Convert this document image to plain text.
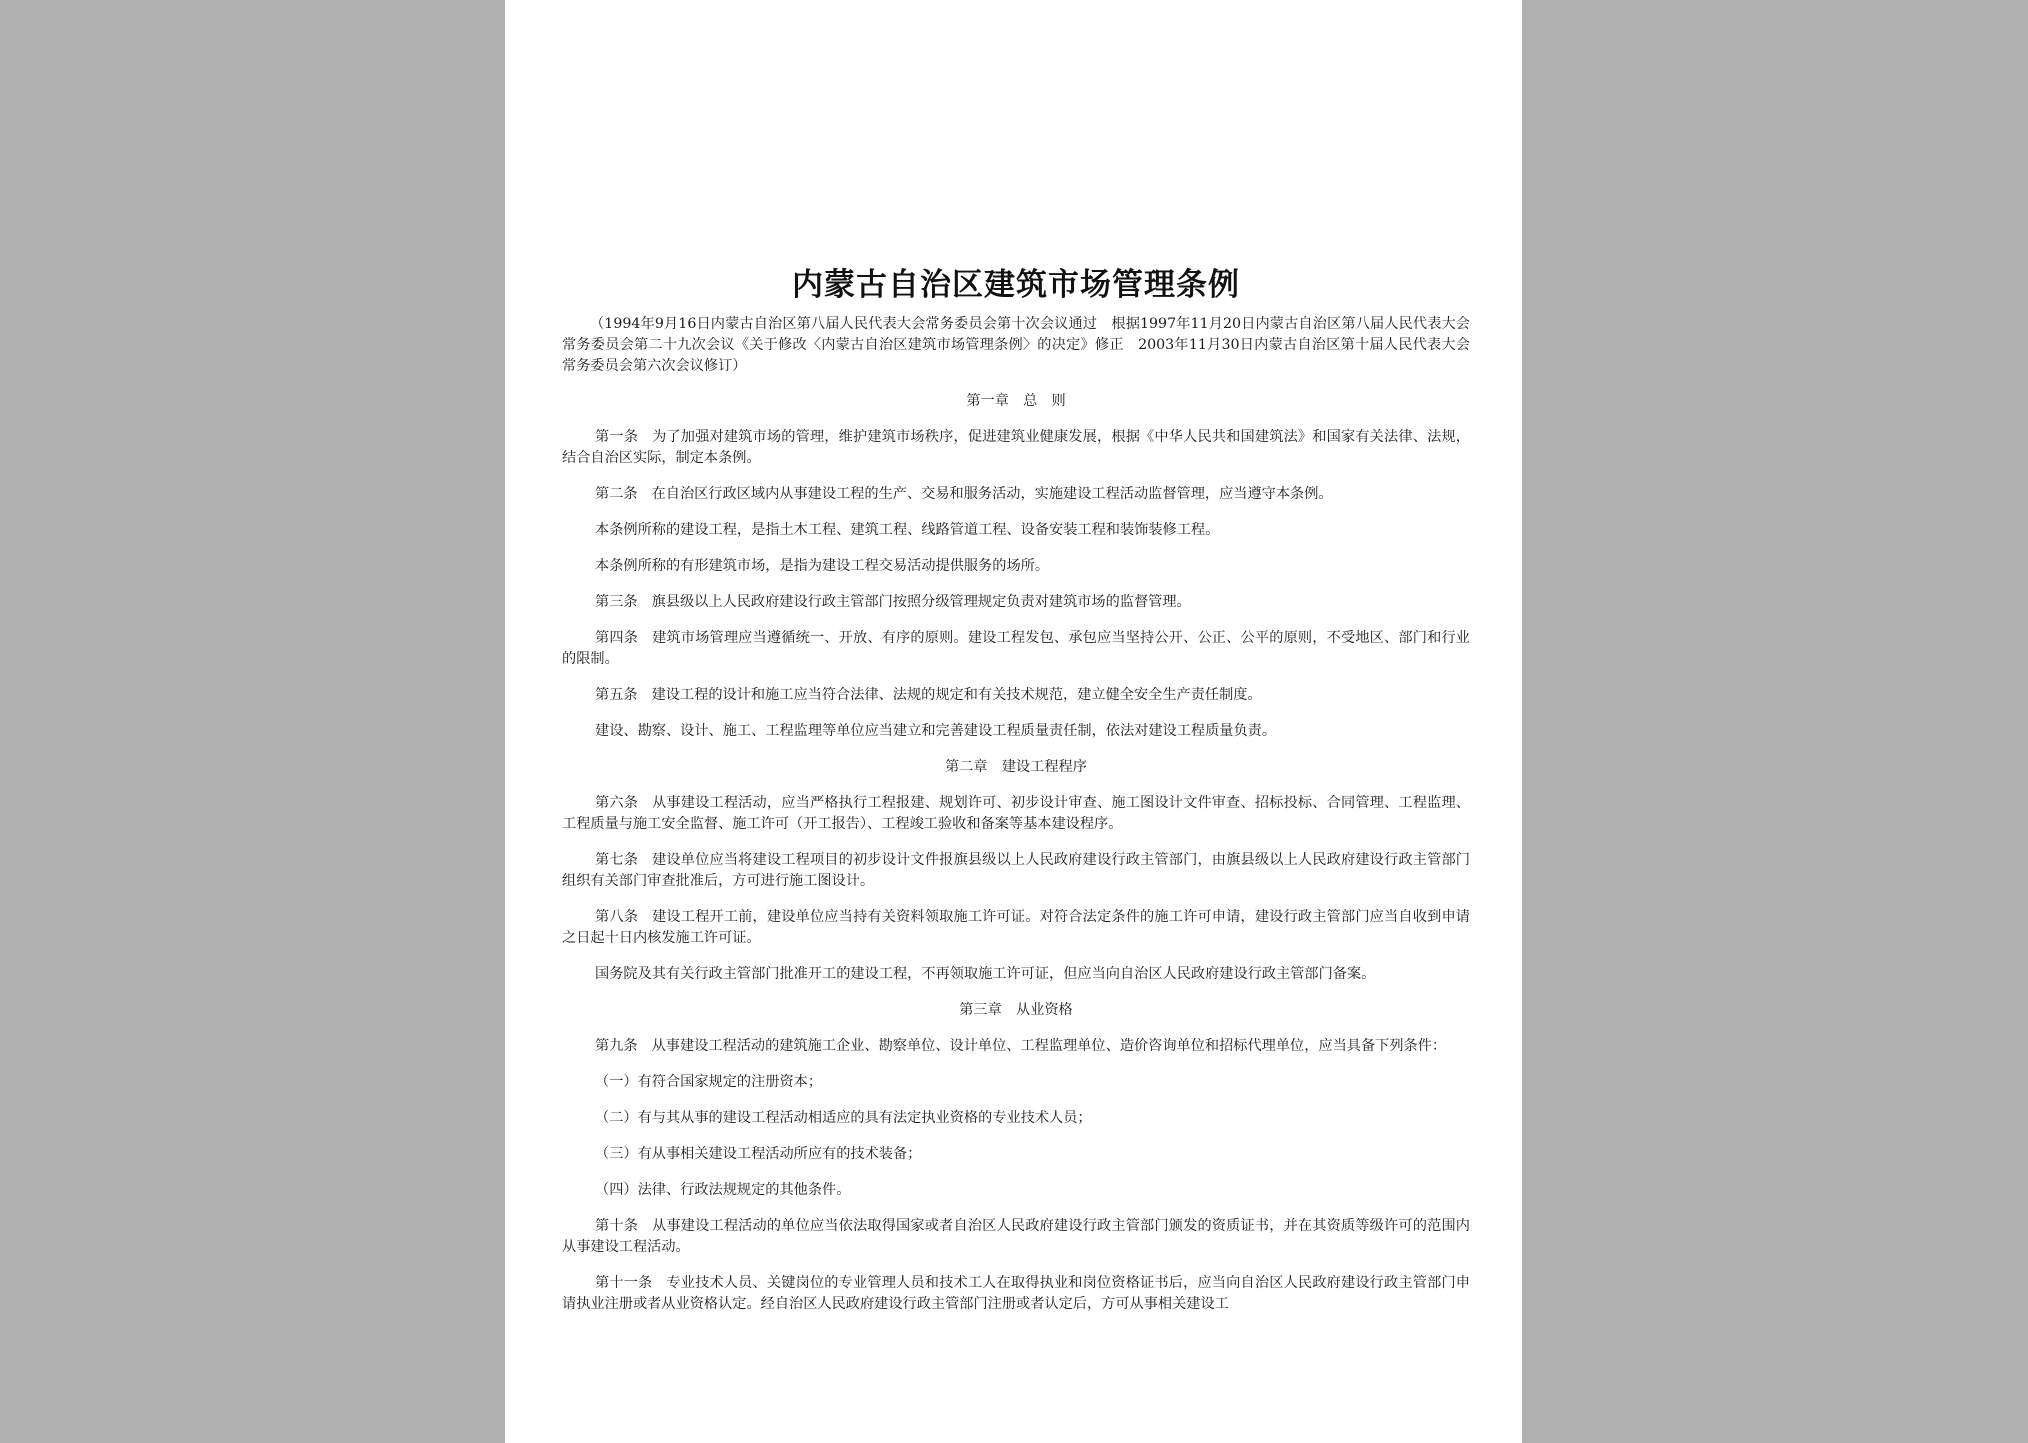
内蒙古自治区建筑市场管理条例

（1994年9月16日内蒙古自治区第八届人民代表大会常务委员会第十次会议通过　根据1997年11月20日内蒙古自治区第八届人民代表大会常务委员会第二十九次会议《关于修改〈内蒙古自治区建筑市场管理条例〉的决定》修正　2003年11月30日内蒙古自治区第十届人民代表大会常务委员会第六次会议修订）

第一章　总　则

第一条 为了加强对建筑市场的管理，维护建筑市场秩序，促进建筑业健康发展，根据《中华人民共和国建筑法》和国家有关法律、法规，结合自治区实际，制定本条例。

第二条 在自治区行政区域内从事建设工程的生产、交易和服务活动，实施建设工程活动监督管理，应当遵守本条例。

本条例所称的建设工程，是指土木工程、建筑工程、线路管道工程、设备安装工程和装饰装修工程。

本条例所称的有形建筑市场，是指为建设工程交易活动提供服务的场所。

第三条 旗县级以上人民政府建设行政主管部门按照分级管理规定负责对建筑市场的监督管理。

第四条 建筑市场管理应当遵循统一、开放、有序的原则。建设工程发包、承包应当坚持公开、公正、公平的原则，不受地区、部门和行业的限制。

第五条 建设工程的设计和施工应当符合法律、法规的规定和有关技术规范，建立健全安全生产责任制度。

建设、勘察、设计、施工、工程监理等单位应当建立和完善建设工程质量责任制，依法对建设工程质量负责。

第二章　建设工程程序

第六条 从事建设工程活动，应当严格执行工程报建、规划许可、初步设计审查、施工图设计文件审查、招标投标、合同管理、工程监理、工程质量与施工安全监督、施工许可（开工报告）、工程竣工验收和备案等基本建设程序。

第七条 建设单位应当将建设工程项目的初步设计文件报旗县级以上人民政府建设行政主管部门，由旗县级以上人民政府建设行政主管部门组织有关部门审查批准后，方可进行施工图设计。

第八条 建设工程开工前，建设单位应当持有关资料领取施工许可证。对符合法定条件的施工许可申请，建设行政主管部门应当自收到申请之日起十日内核发施工许可证。

国务院及其有关行政主管部门批准开工的建设工程，不再领取施工许可证，但应当向自治区人民政府建设行政主管部门备案。

第三章　从业资格

第九条 从事建设工程活动的建筑施工企业、勘察单位、设计单位、工程监理单位、造价咨询单位和招标代理单位，应当具备下列条件：

（一）有符合国家规定的注册资本；

（二）有与其从事的建设工程活动相适应的具有法定执业资格的专业技术人员；

（三）有从事相关建设工程活动所应有的技术装备；

（四）法律、行政法规规定的其他条件。

第十条 从事建设工程活动的单位应当依法取得国家或者自治区人民政府建设行政主管部门颁发的资质证书，并在其资质等级许可的范围内从事建设工程活动。

第十一条 专业技术人员、关键岗位的专业管理人员和技术工人在取得执业和岗位资格证书后，应当向自治区人民政府建设行政主管部门申请执业注册或者从业资格认定。经自治区人民政府建设行政主管部门注册或者认定后，方可从事相关建设工
